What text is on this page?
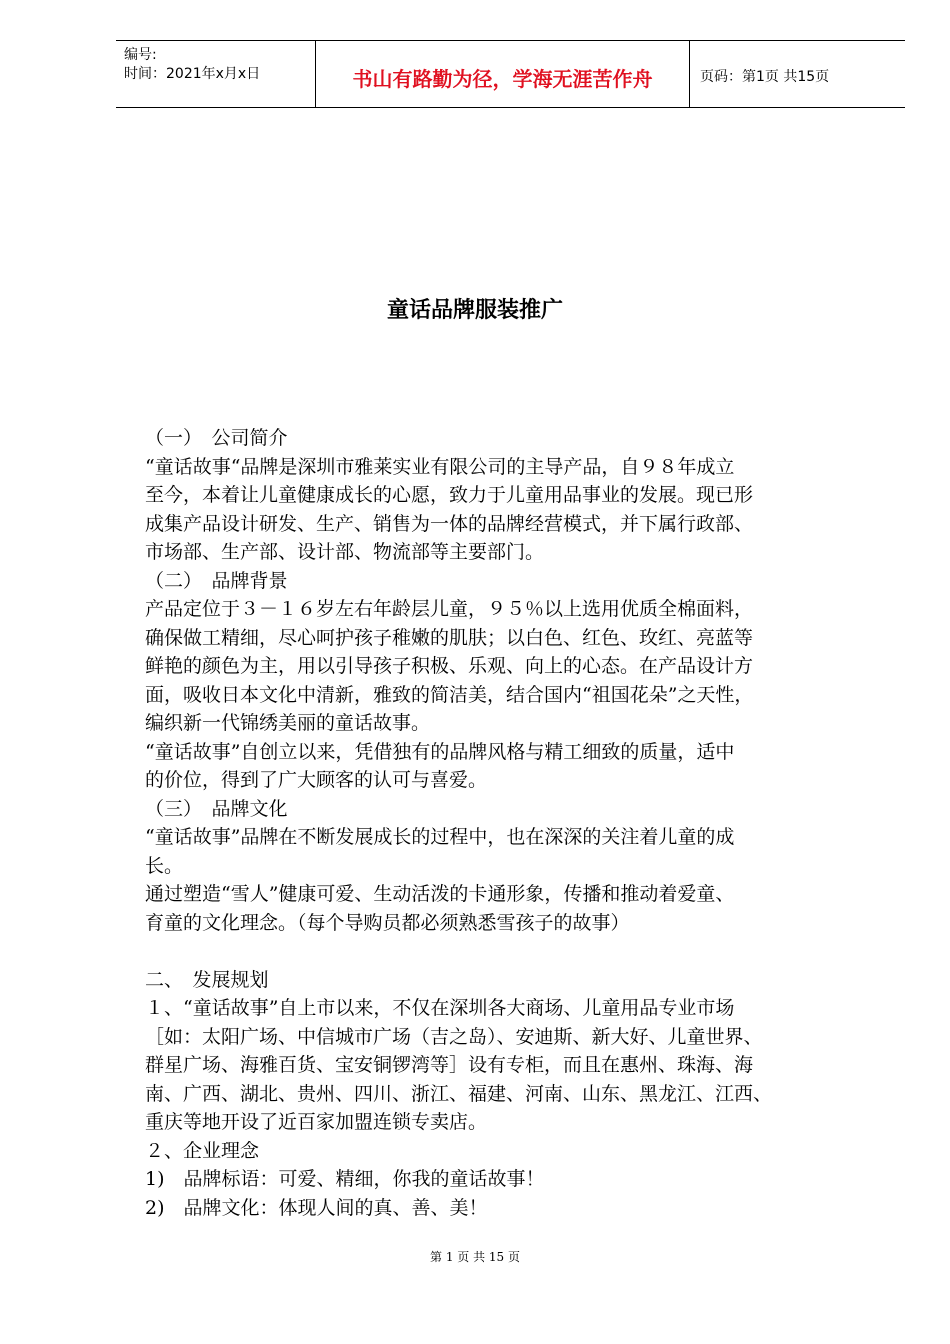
编号:
时间：2021年x月x日	书山有路勤为径，学海无涯苦作舟	页码：第1页 共15页
童话品牌服装推广

（一）　公司简介

“童话故事“品牌是深圳市雅莱实业有限公司的主导产品，自９８年成立

至今，本着让儿童健康成长的心愿，致力于儿童用品事业的发展。现已形

成集产品设计研发、生产、销售为一体的品牌经营模式，并下属行政部、

市场部、生产部、设计部、物流部等主要部门。

（二）　品牌背景

产品定位于３－１６岁左右年龄层儿童，９５％以上选用优质全棉面料，

确保做工精细，尽心呵护孩子稚嫩的肌肤；以白色、红色、玫红、亮蓝等

鲜艳的颜色为主，用以引导孩子积极、乐观、向上的心态。在产品设计方

面，吸收日本文化中清新，雅致的简洁美，结合国内“祖国花朵”之天性，

编织新一代锦绣美丽的童话故事。

“童话故事”自创立以来，凭借独有的品牌风格与精工细致的质量，适中

的价位，得到了广大顾客的认可与喜爱。

（三）　品牌文化

“童话故事”品牌在不断发展成长的过程中，也在深深的关注着儿童的成

长。

通过塑造“雪人”健康可爱、生动活泼的卡通形象，传播和推动着爱童、

育童的文化理念。（每个导购员都必须熟悉雪孩子的故事）

二、　发展规划

１、“童话故事”自上市以来，不仅在深圳各大商场、儿童用品专业市场

［如：太阳广场、中信城市广场（吉之岛）、安迪斯、新大好、儿童世界、

群星广场、海雅百货、宝安铜锣湾等］设有专柜，而且在惠州、珠海、海

南、广西、湖北、贵州、四川、浙江、福建、河南、山东、黑龙江、江西、

重庆等地开设了近百家加盟连锁专卖店。

２、企业理念

1)　品牌标语：可爱、精细，你我的童话故事！

2)　品牌文化：体现人间的真、善、美！

第 1 页 共 15 页
